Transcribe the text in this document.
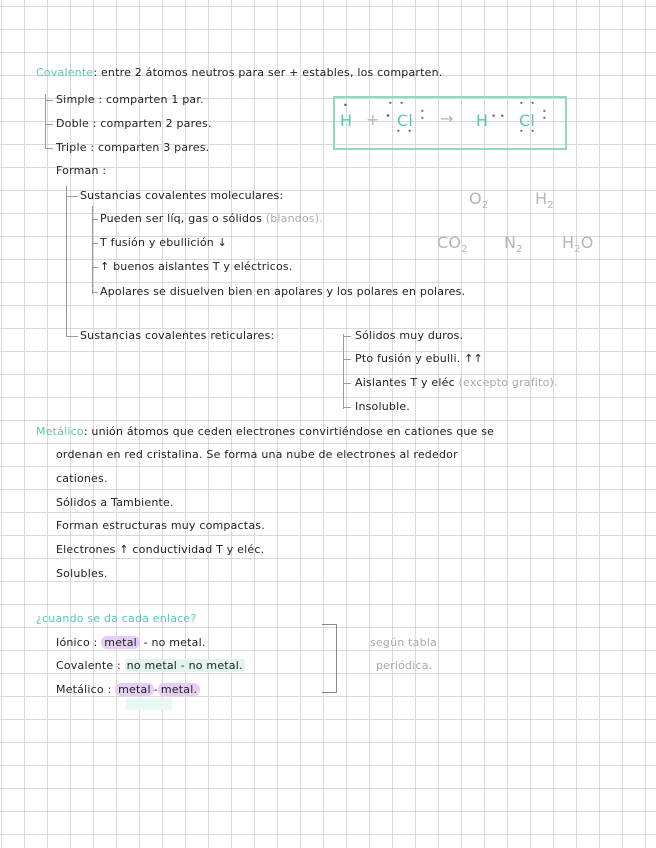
Covalente: entre 2 átomos neutros para ser + estables, los comparten.
Simple : comparten 1 par.
Doble : comparten 2 pares.
Triple : comparten 3 pares.
Forman :
H
•
+ Cl
• •

•	•
•
• •
→ H • • Cl
• •
•
•
• •
Sustancias covalentes moleculares:
Pueden ser líq, gas o sólidos (blandos).
T fusión y ebullición ↓
↑ buenos aislantes T y eléctricos.
Apolares se disuelven bien en apolares y los polares en polares.
$O_2$	$H_2$
$CO_2$ $N_2$ $H_2O$
Sustancias covalentes reticulares:	Sólidos muy duros.
Pto fusión y ebulli. ↑↑
Aislantes T y eléc (excepto grafito).
Insoluble.
Metálico: unión átomos que ceden electrones convirtiéndose en cationes que se
ordenan en red cristalina. Se forma una nube de electrones al rededor
cationes.
Sólidos a Tambiente.
Forman estructuras muy compactas.
Electrones ↑ conductividad T y eléc.
Solubles.
¿cuando se da cada enlace?
Iónico : metal - no metal.
Covalente : no metal - no metal.
Metálico : metal - metal.
según tabla
periódica.
